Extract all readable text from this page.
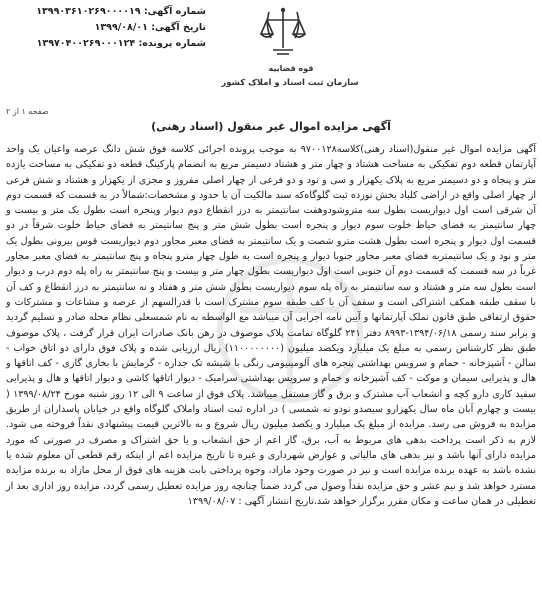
شماره آگهی: ۱۳۹۹۰۳۶۱۰۲۶۹۰۰۰۰۱۹
تاریخ آگهی: ۱۳۹۹/۰۸/۰۱
شماره پرونده: ۱۳۹۷۰۴۰۰۲۶۹۰۰۰۱۲۴
قوه قضاییه
سازمان ثبت اسناد و املاک کشور
صفحه ۱ از ۲
آگهی مزایده اموال غیر منقول (اسناد رهنی)
آگهی مزایده اموال غیر منقول(اسناد رهنی)کلاسه۹۷۰۰۱۲۸ به موجب پرونده اجرائی کلاسه فوق شش دانگ عرصه واعیان یک واحد آپارتمان قطعه دوم تفکیکی به مساحت هشتاد و چهار متر و هشتاد دسیمتر مربع به انضمام پارکینگ قطعه دو تفکیکی به مساحت یازده متر و پنجاه و دو دسیمتر مربع به پلاک یکهزار و سی و نود و دو فرعی از چهار اصلی مفروز و مجزی از یکهزار و هشتاد و شش فرعی از چهار اصلی واقع در اراضی کلباد بخش نوزده ثبت گلوگاه‌که سند مالکیت آن با حدود و مشخصات:شمالاً در به قسمت که قسمت دوم آن شرقی است اول دیواریست بطول سه متروشودوهفت سانتیمتر به درز انقطاع دوم دیوار وپنجره است بطول یک متر و بیست و چهار سانتیمتر به فضای حیاط خلوت سوم دیوار و پنجره است بطول شش متر و پنج سانتیمتر به فضای حیاط خلوت شرقاً در دو قسمت اول دیوار و پنجره است بطول هشت مترو شصت و یک سانتیمتر به فضای معبر مجاور دوم دیواریست قوس بیرونی بطول یک متر و نود و یک سانتیمتربه فضای معبر مجاور جنوبا دیوار و پنجره است به طول چهار مترو پنجاه و پنج سانتیمتر به فضای معبر مجاور غرباً در سه قسمت که قسمت دوم آن جنوبی است اول دیواریست بطول چهار متر و بیست و پنج سانتیمتر به راه پله دوم درب و دیوار است بطول سه متر و هشتاد و سه سانتیمتر به راه پله سوم دیواریست بطول شش متر و هفتاد و نه سانتیمتر به درز انقطاع و کف آن با سقف طبقه همکف اشتراکی است و سقف آن با کف طبقه سوم مشترک است با قدرالسهم از عرصه و مشاعات و مشترکات و حقوق ارتفاقی طبق قانون تملک آپارتمانها و آیین نامه اجرایی آن میباشد مع الواسطه به نام شمسعلی نظام محله صادر و تسلیم گردید و برابر سند رسمی ۱۳۹۴/۰۶/۱۸-۸۹۹۳ دفتر ۲۴۱ گلوگاه تمامت پلاک موصوف در رهن بانک صادرات ایران قرار گرفت ، پلاک موصوف طبق نظر کارشناس رسمی به مبلغ یک میلیارد ویکصد میلیون (۱۱۰۰۰۰۰۰۰۰) ریال ارزیابی شده و پلاک فوق دارای دو اتاق خواب - سالن - آشپزخانه - حمام و سرویس بهداشتی پنجره های آلومینیومی رنگی با شیشه تک جداره - گرمایش با بخاری گازی - کف اتاقها و هال و پذیرایی سیمان و موکت - کف آشپزخانه و حمام و سرویس بهداشتی سرامیک - دیوار اتاقها کاشی و دیوار اتاقها و هال و پذیرایی سفید کاری دارو کچه و انشعاب آب مشترک و برق و گاز مستقل میباشد. پلاک فوق از ساعت ۹ الی ۱۲ روز شنبه مورخ ۱۳۹۹/۰۸/۲۴ ( بیست و چهارم آبان ماه سال یکهزارو سیصدو نودو نه شمسی ) در اداره ثبت اسناد واملاک گلوگاه واقع در خیابان پاسداران از طریق مزایده به فروش می رسد. مزایده از مبلغ یک میلیارد و یکصد میلیون ریال شروع و به بالاترین قیمت پیشنهادی نقداً فروخته می شود. لازم به ذکر است پرداخت بدهی های مربوط به آب، برق، گاز اعم از حق انشعاب و یا حق اشتراک و مصرف در صورتی که مورد مزایده دارای آنها باشد و نیز بدهی های مالیاتی و عوارض شهرداری و غیره تا تاریخ مزایده اعم از اینکه رقم قطعی آن معلوم شده یا نشده باشد به عهده برنده مزایده است و نیز در صورت وجود مازاد، وجوه پرداختی بابت هزینه های فوق از محل مازاد به برنده مزایده مسترد خواهد شد و نیم عشر و حق مزایده نقداً وصول می گردد ضمناً چنانچه روز مزایده تعطیل رسمی گردد، مزایده روز اداری بعد از تعطیلی در همان ساعت و مکان مقرر برگزار خواهد شد.تاریخ انتشار آگهی : ۱۳۹۹/۰۸/۰۷
